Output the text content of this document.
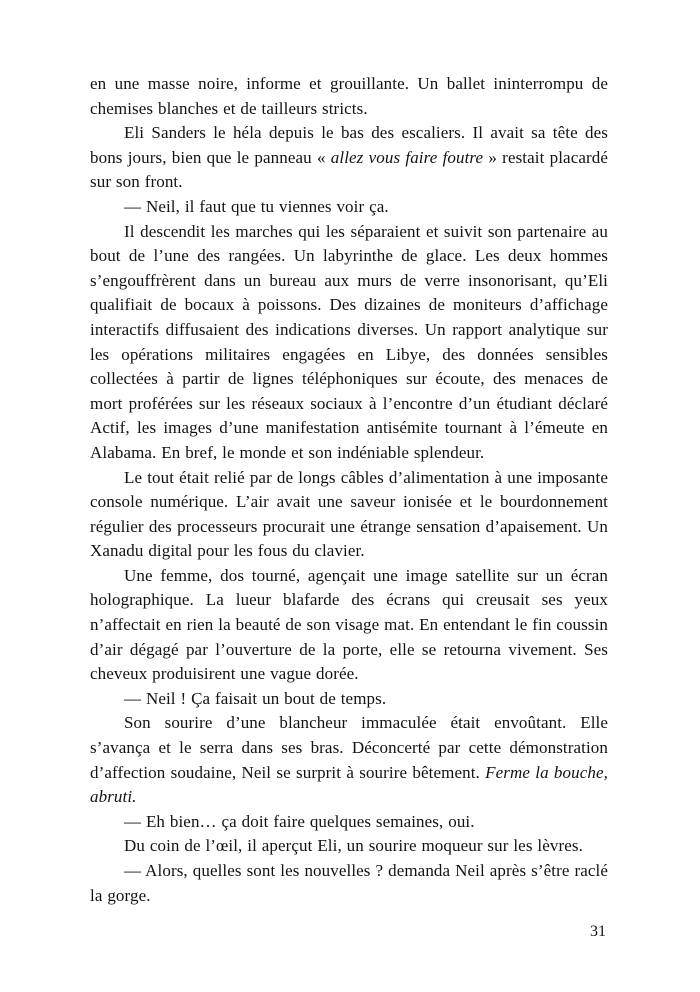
en une masse noire, informe et grouillante. Un ballet ininterrompu de chemises blanches et de tailleurs stricts.

Eli Sanders le héla depuis le bas des escaliers. Il avait sa tête des bons jours, bien que le panneau « allez vous faire foutre » restait placardé sur son front.

— Neil, il faut que tu viennes voir ça.

Il descendit les marches qui les séparaient et suivit son partenaire au bout de l’une des rangées. Un labyrinthe de glace. Les deux hommes s’engouffrèrent dans un bureau aux murs de verre insonorisant, qu’Eli qualifiait de bocaux à poissons. Des dizaines de moniteurs d’affichage interactifs diffusaient des indications diverses. Un rapport analytique sur les opérations militaires engagées en Libye, des données sensibles collectées à partir de lignes téléphoniques sur écoute, des menaces de mort proférées sur les réseaux sociaux à l’encontre d’un étudiant déclaré Actif, les images d’une manifestation antisémite tournant à l’émeute en Alabama. En bref, le monde et son indéniable splendeur.

Le tout était relié par de longs câbles d’alimentation à une imposante console numérique. L’air avait une saveur ionisée et le bourdonnement régulier des processeurs procurait une étrange sensation d’apaisement. Un Xanadu digital pour les fous du clavier.

Une femme, dos tourné, agençait une image satellite sur un écran holographique. La lueur blafarde des écrans qui creusait ses yeux n’affectait en rien la beauté de son visage mat. En entendant le fin coussin d’air dégagé par l’ouverture de la porte, elle se retourna vivement. Ses cheveux produisirent une vague dorée.

— Neil ! Ça faisait un bout de temps.

Son sourire d’une blancheur immaculée était envoûtant. Elle s’avança et le serra dans ses bras. Déconcerté par cette démonstration d’affection soudaine, Neil se surprit à sourire bêtement. Ferme la bouche, abruti.

— Eh bien… ça doit faire quelques semaines, oui.

Du coin de l’œil, il aperçut Eli, un sourire moqueur sur les lèvres.

— Alors, quelles sont les nouvelles ? demanda Neil après s’être raclé la gorge.

31
